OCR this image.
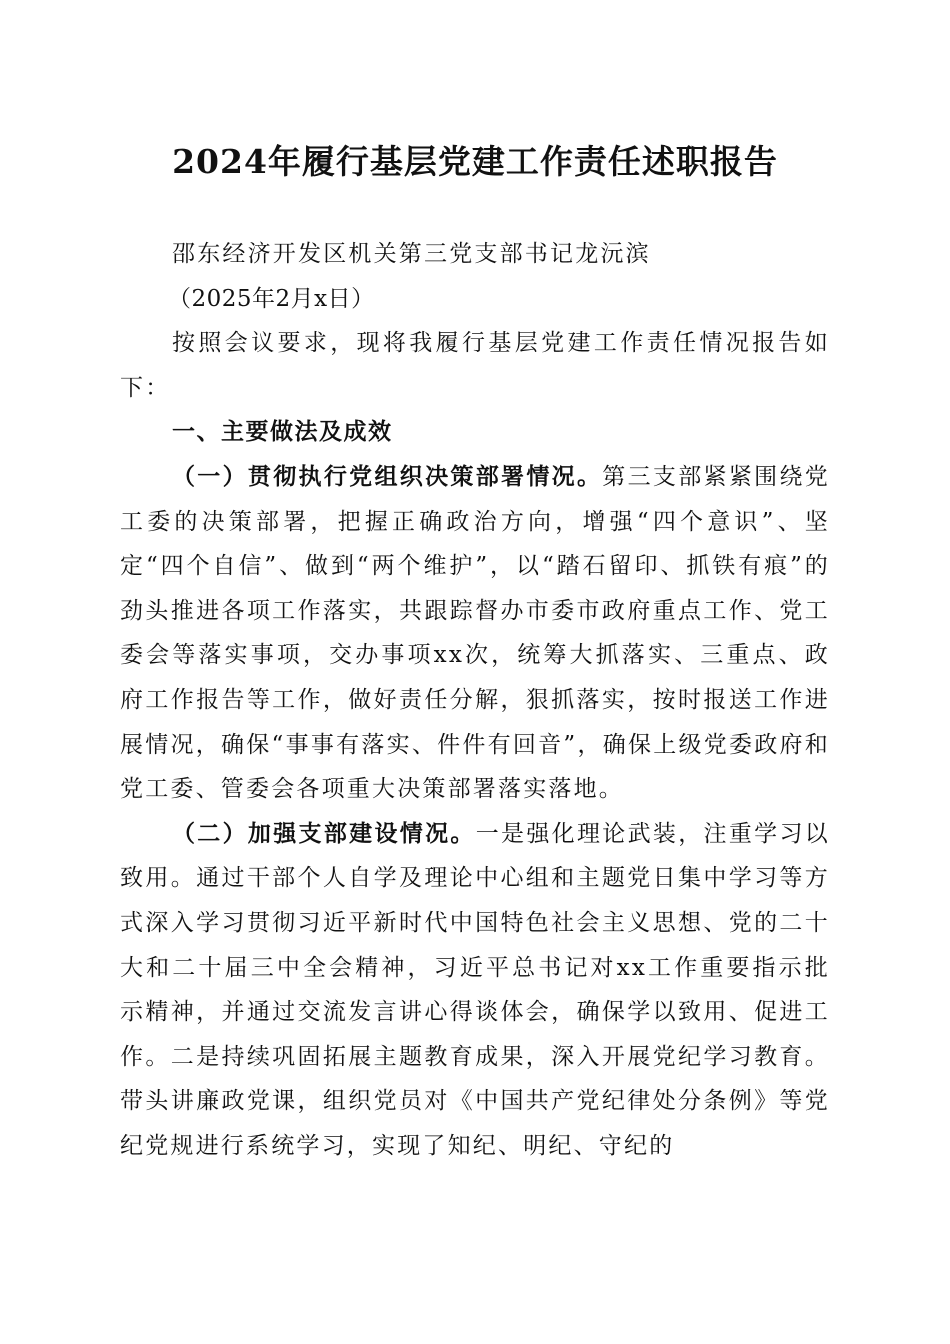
2024年履行基层党建工作责任述职报告

邵东经济开发区机关第三党支部书记龙沅滨

（2025年2月x日）

按照会议要求，现将我履行基层党建工作责任情况报告如下：

一、主要做法及成效

（一）贯彻执行党组织决策部署情况。第三支部紧紧围绕党工委的决策部署，把握正确政治方向，增强“四个意识”、坚定“四个自信”、做到“两个维护”，以“踏石留印、抓铁有痕”的劲头推进各项工作落实，共跟踪督办市委市政府重点工作、党工委会等落实事项，交办事项xx次，统筹大抓落实、三重点、政府工作报告等工作，做好责任分解，狠抓落实，按时报送工作进展情况，确保“事事有落实、件件有回音”，确保上级党委政府和党工委、管委会各项重大决策部署落实落地。

（二）加强支部建设情况。一是强化理论武装，注重学习以致用。通过干部个人自学及理论中心组和主题党日集中学习等方式深入学习贯彻习近平新时代中国特色社会主义思想、党的二十大和二十届三中全会精神，习近平总书记对xx工作重要指示批示精神，并通过交流发言讲心得谈体会，确保学以致用、促进工作。二是持续巩固拓展主题教育成果，深入开展党纪学习教育。带头讲廉政党课，组织党员对《中国共产党纪律处分条例》等党纪党规进行系统学习，实现了知纪、明纪、守纪的
